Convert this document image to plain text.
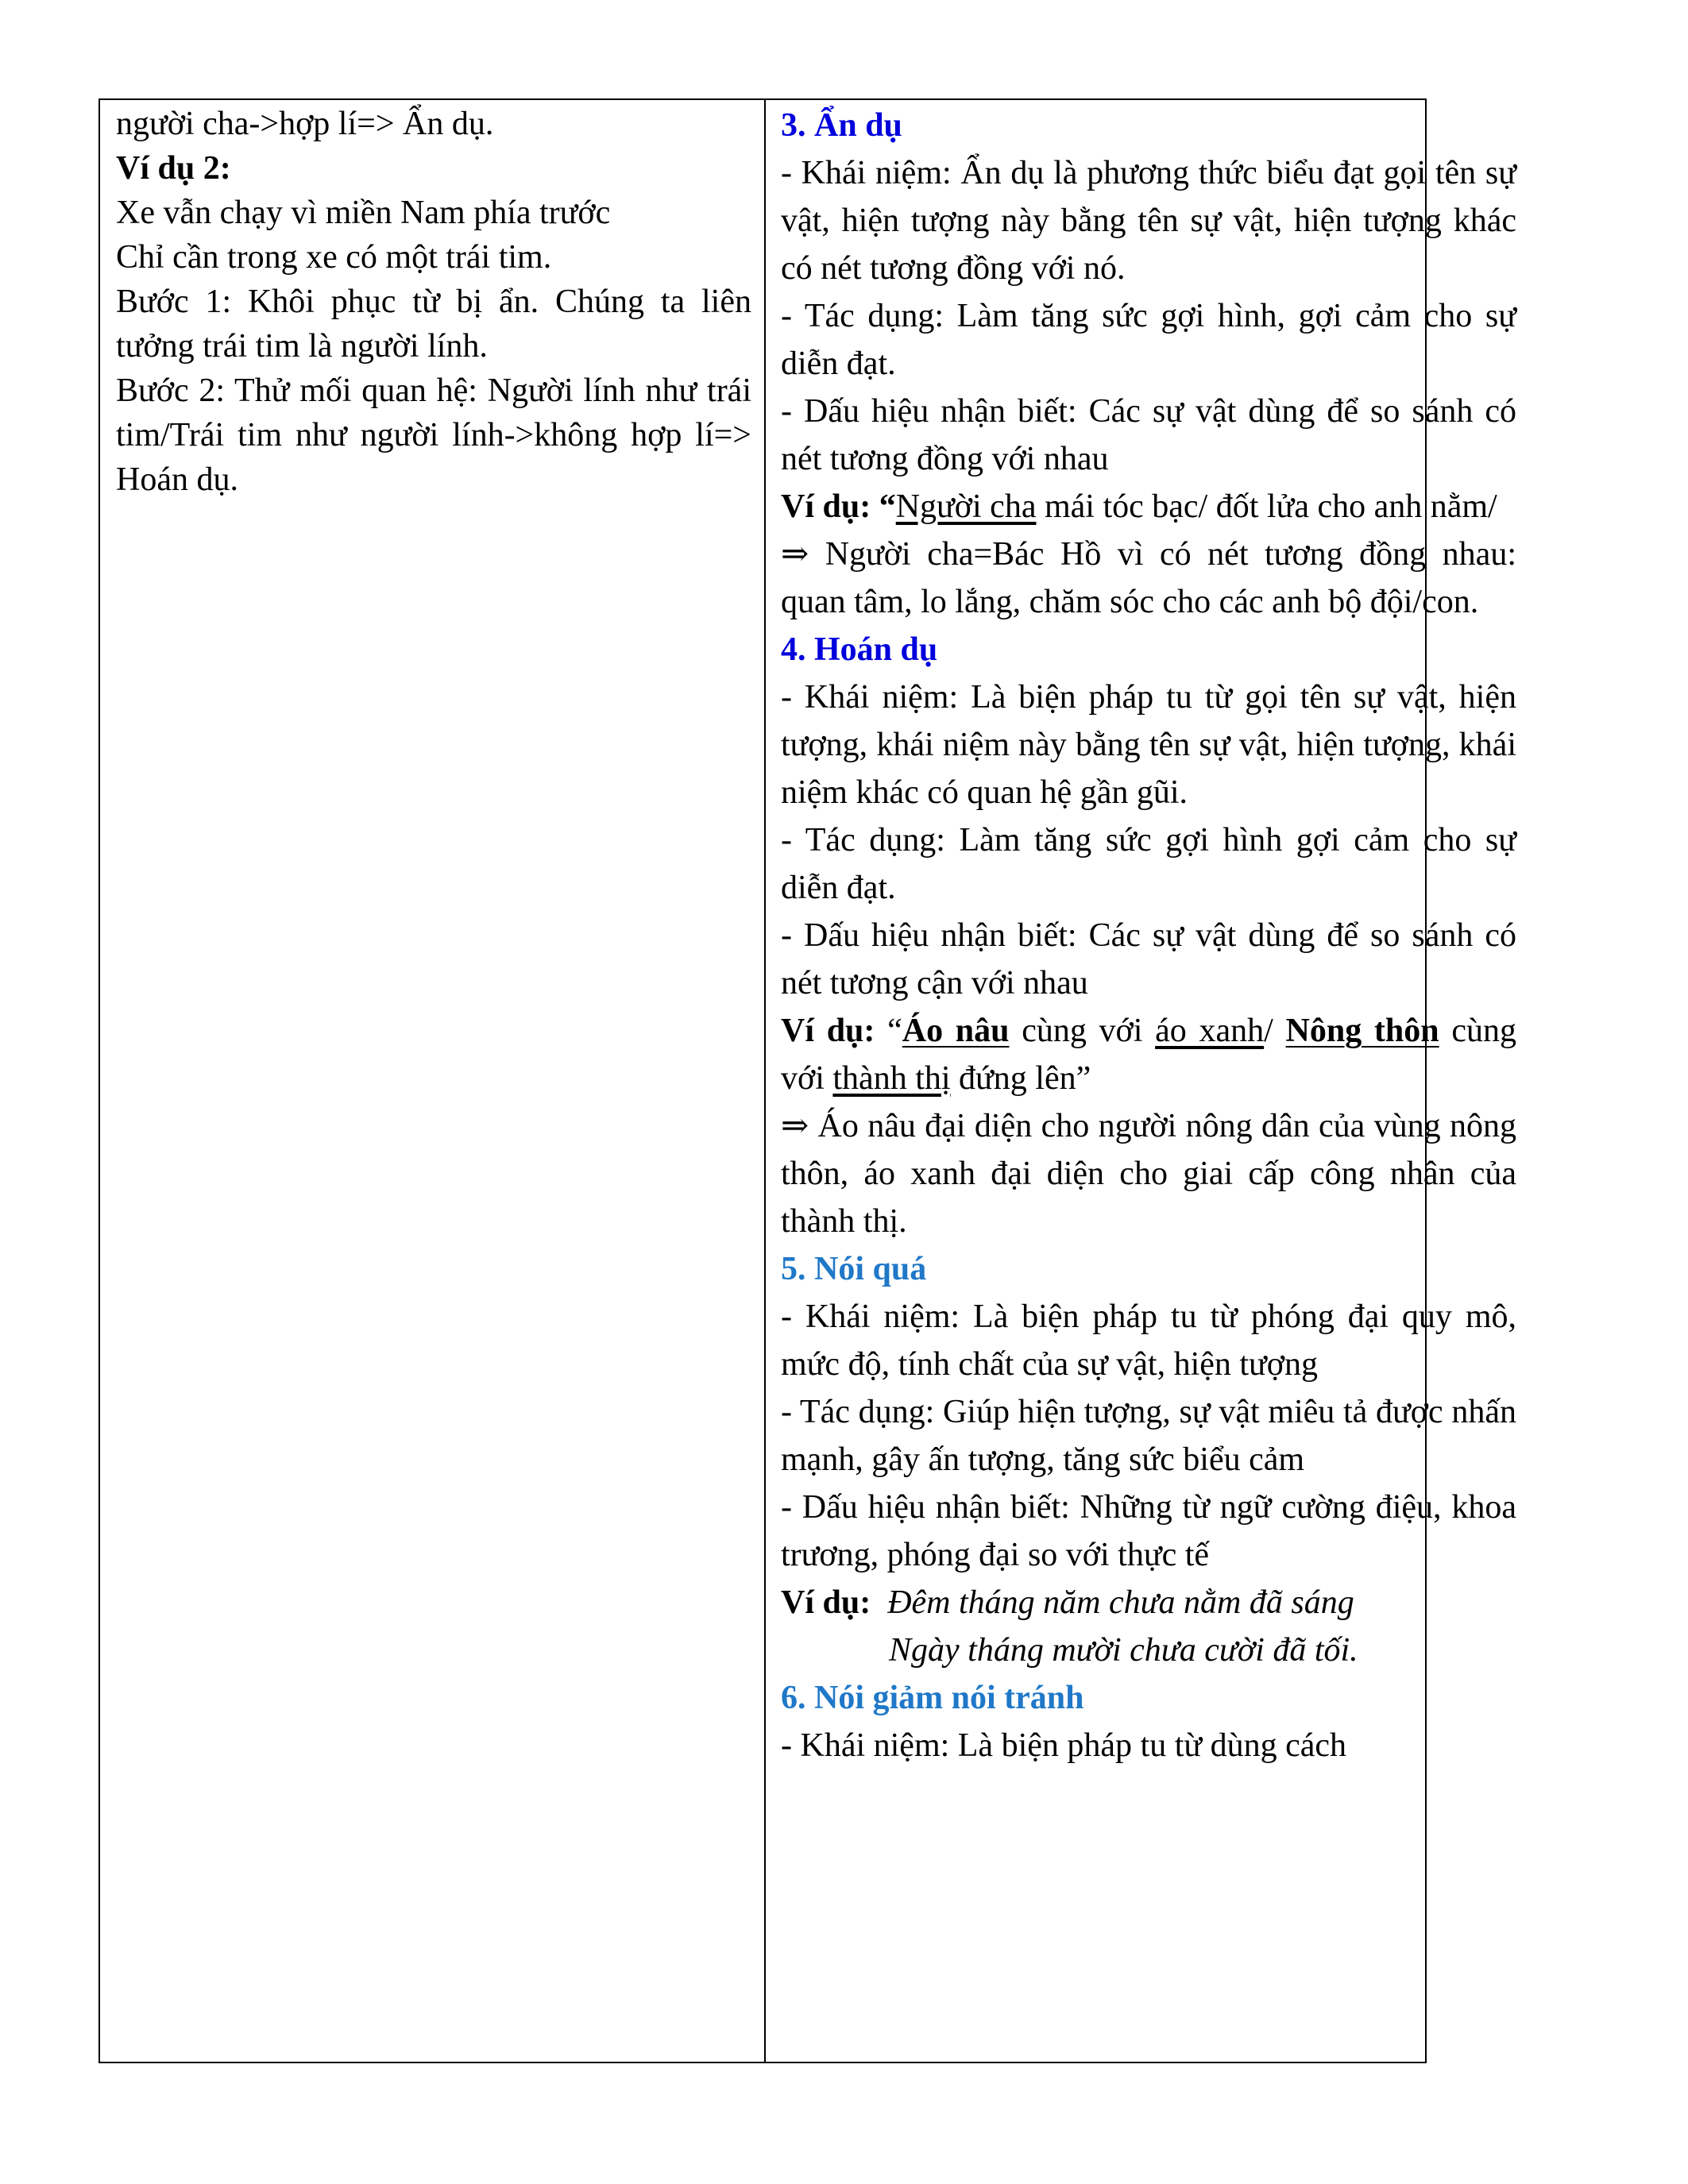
người cha->hợp lí=> Ẩn dụ.

Ví dụ 2:

Xe vẫn chạy vì miền Nam phía trước

Chỉ cần trong xe có một trái tim.

Bước 1: Khôi phục từ bị ẩn. Chúng ta liên tưởng trái tim là người lính.

Bước 2: Thử mối quan hệ: Người lính như trái tim/Trái tim như người lính->không hợp lí=> Hoán dụ.

3. Ẩn dụ

- Khái niệm: Ẩn dụ là phương thức biểu đạt gọi tên sự vật, hiện tượng này bằng tên sự vật, hiện tượng khác có nét tương đồng với nó.

- Tác dụng: Làm tăng sức gợi hình, gợi cảm cho sự diễn đạt.

- Dấu hiệu nhận biết: Các sự vật dùng để so sánh có nét tương đồng với nhau

Ví dụ: “Người cha mái tóc bạc/ đốt lửa cho anh nằm/

⇒ Người cha=Bác Hồ vì có nét tương đồng nhau: quan tâm, lo lắng, chăm sóc cho các anh bộ đội/con.

4. Hoán dụ

- Khái niệm: Là biện pháp tu từ gọi tên sự vật, hiện tượng, khái niệm này bằng tên sự vật, hiện tượng, khái niệm khác có quan hệ gần gũi.

- Tác dụng: Làm tăng sức gợi hình gợi cảm cho sự diễn đạt.

- Dấu hiệu nhận biết: Các sự vật dùng để so sánh có nét tương cận với nhau

Ví dụ: “Áo nâu cùng với áo xanh/ Nông thôn cùng với thành thị đứng lên”

⇒ Áo nâu đại diện cho người nông dân của vùng nông thôn, áo xanh đại diện cho giai cấp công nhân của thành thị.

5. Nói quá

- Khái niệm: Là biện pháp tu từ phóng đại quy mô, mức độ, tính chất của sự vật, hiện tượng

- Tác dụng: Giúp hiện tượng, sự vật miêu tả được nhấn mạnh, gây ấn tượng, tăng sức biểu cảm

- Dấu hiệu nhận biết: Những từ ngữ cường điệu, khoa trương, phóng đại so với thực tế

Ví dụ: Đêm tháng năm chưa nằm đã sáng

Ngày tháng mười chưa cười đã tối.

6. Nói giảm nói tránh

- Khái niệm: Là biện pháp tu từ dùng cách
